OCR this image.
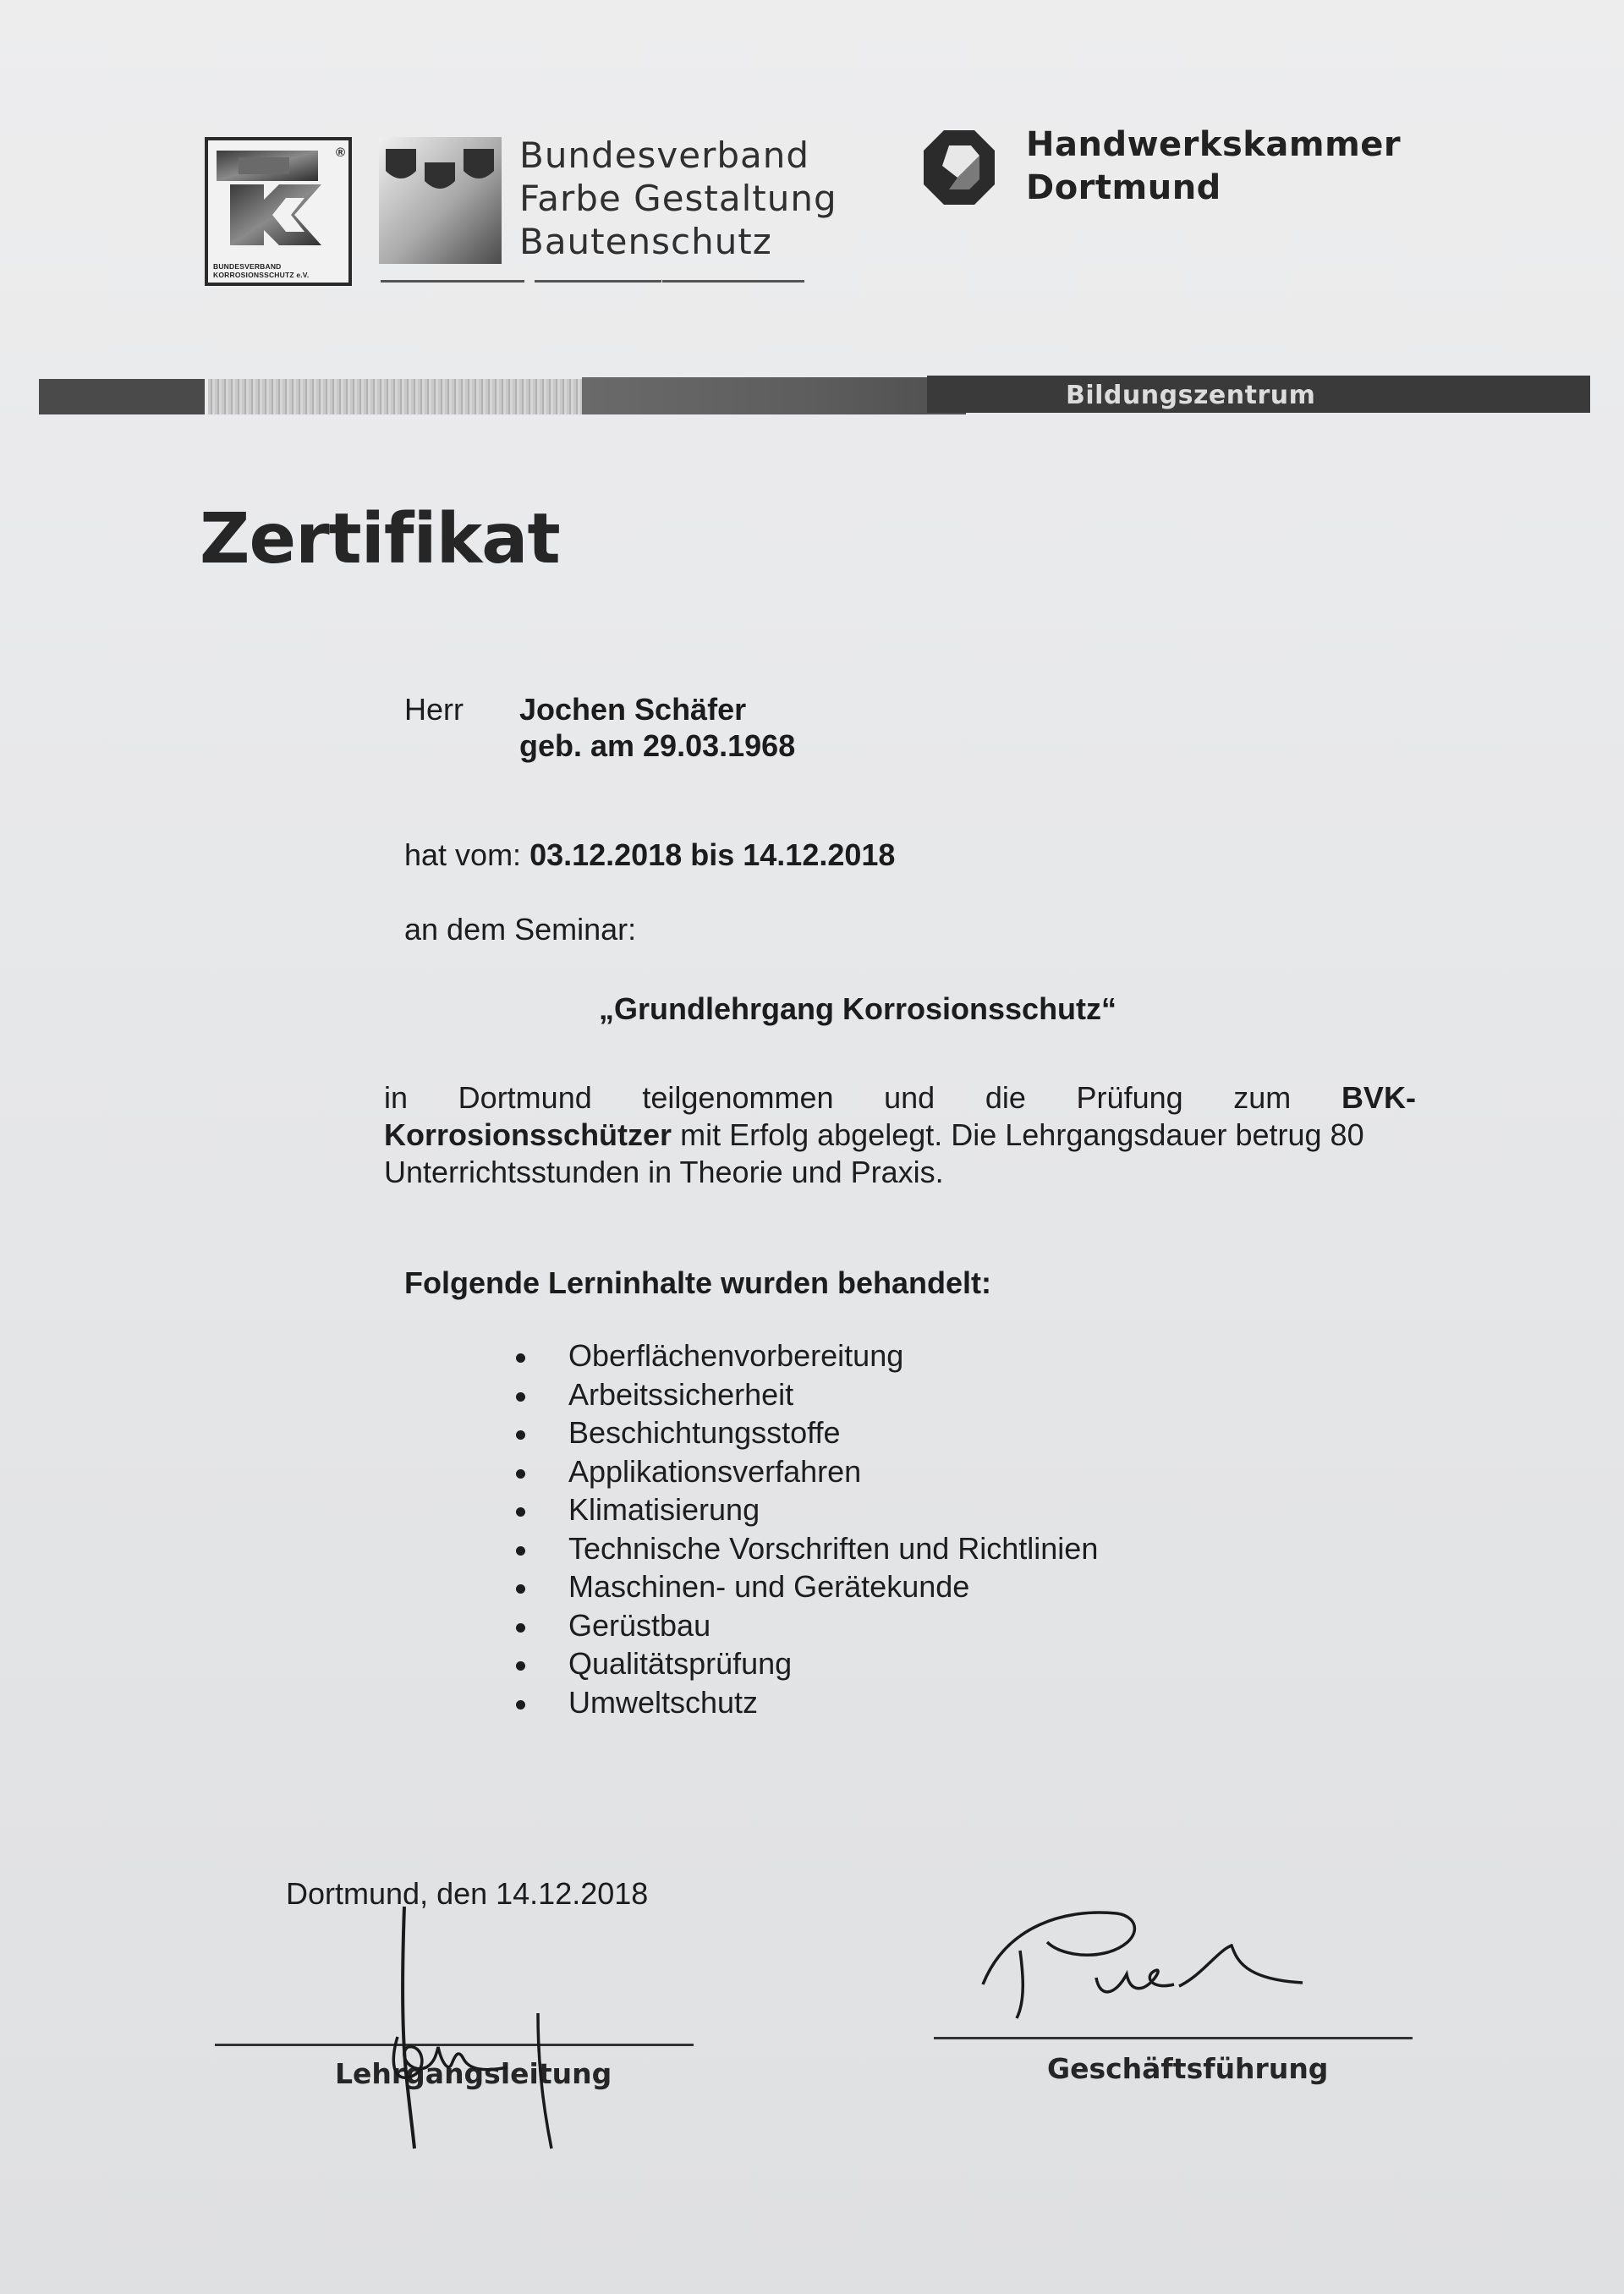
®
BUNDESVERBAND
KORROSIONSSCHUTZ e.V.
Bundesverband
Farbe Gestaltung
Bautenschutz
Handwerkskammer
Dortmund
Bildungszentrum
Zertifikat
Herr Jochen Schäfer
geb. am 29.03.1968
hat vom: 03.12.2018 bis 14.12.2018
an dem Seminar:
„Grundlehrgang Korrosionsschutz“
in Dortmund teilgenommen und die Prüfung zum BVK-
Korrosionsschützer mit Erfolg abgelegt. Die Lehrgangsdauer betrug 80
Unterrichtsstunden in Theorie und Praxis.
Folgende Lerninhalte wurden behandelt:
Oberflächenvorbereitung
Arbeitssicherheit
Beschichtungsstoffe
Applikationsverfahren
Klimatisierung
Technische Vorschriften und Richtlinien
Maschinen- und Gerätekunde
Gerüstbau
Qualitätsprüfung
Umweltschutz
Dortmund, den 14.12.2018
Lehrgangsleitung	Geschäftsführung
